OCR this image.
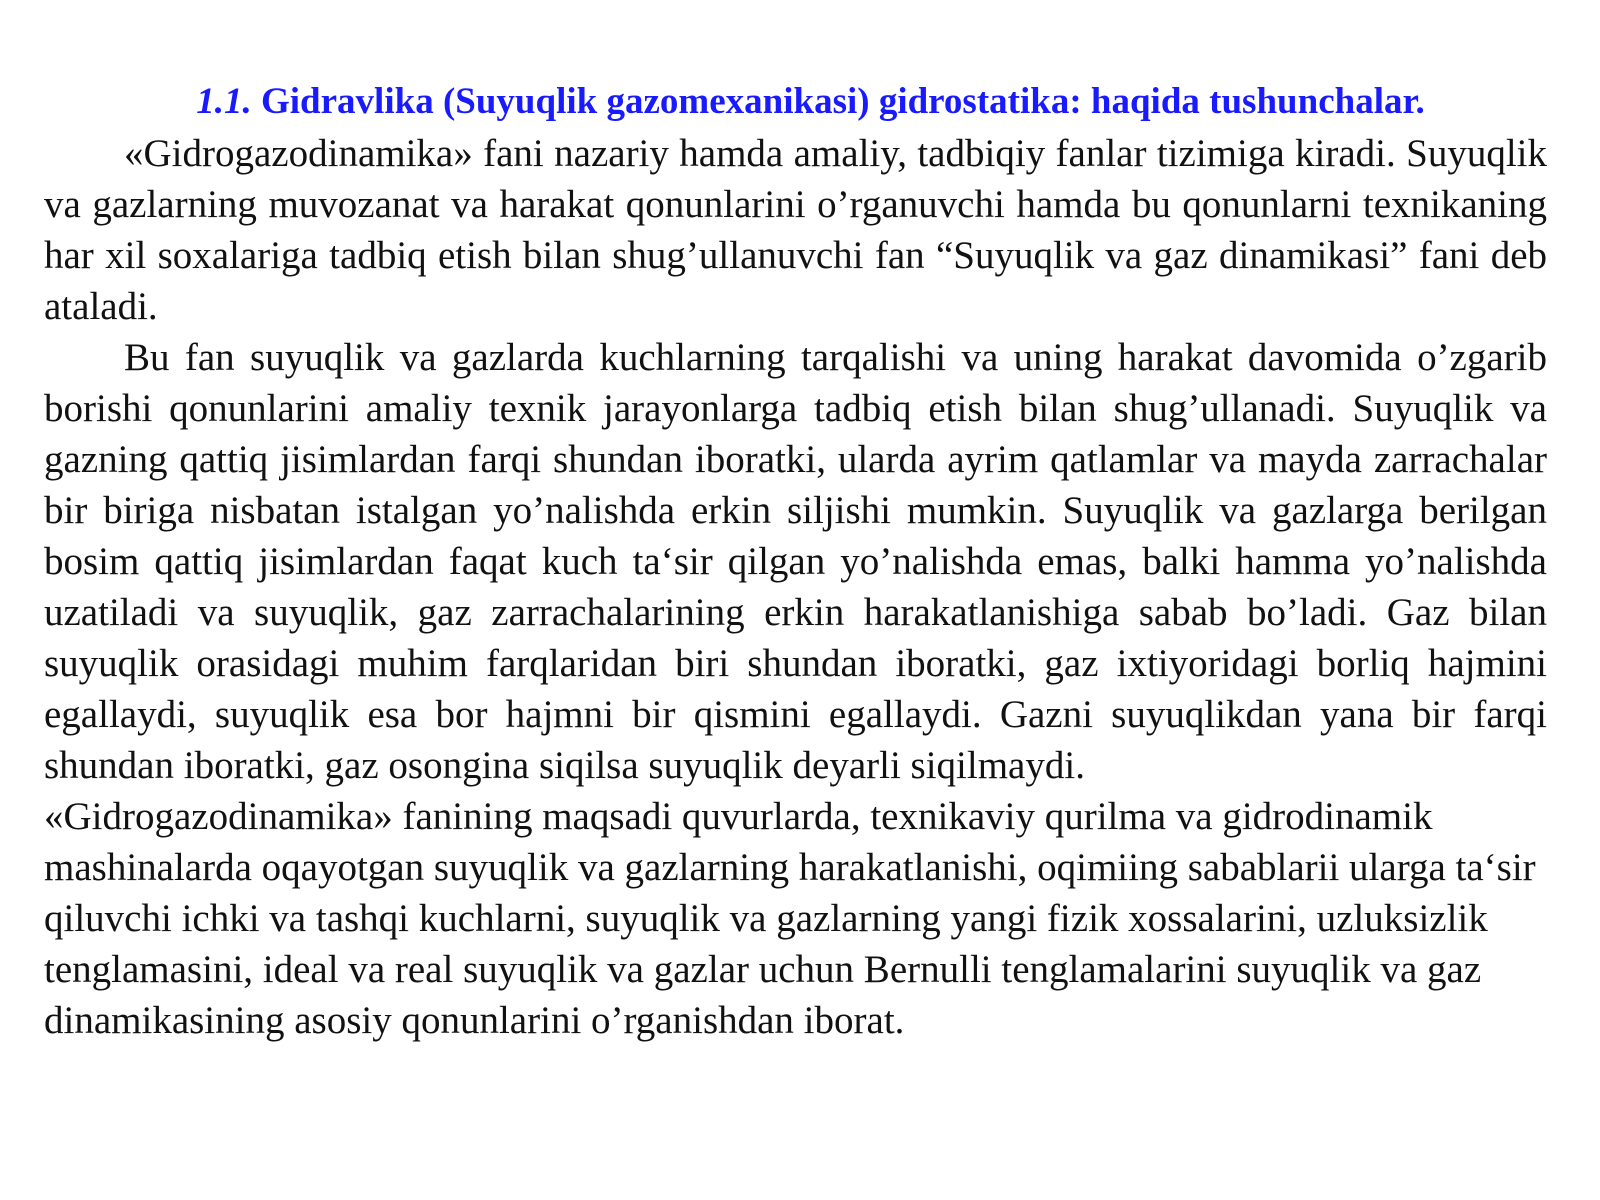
1.1. Gidravlika (Suyuqlik gazomexanikasi) gidrostatika: haqida tushunchalar.

«Gidrogazodinamika» fani nazariy hamda amaliy, tadbiqiy fanlar tizimiga kiradi. Suyuqlik va gazlarning muvozanat va harakat qonunlarini o’rganuvchi hamda bu qonunlarni texnikaning har xil soxalariga tadbiq etish bilan shug’ullanuvchi fan “Suyuqlik va gaz dinamikasi” fani deb ataladi.

Bu fan suyuqlik va gazlarda kuchlarning tarqalishi va uning harakat davomida o’zgarib borishi qonunlarini amaliy texnik jarayonlarga tadbiq etish bilan shug’ullanadi. Suyuqlik va gazning qattiq jisimlardan farqi shundan iboratki, ularda ayrim qatlamlar va mayda zarrachalar bir biriga nisbatan istalgan yo’nalishda erkin siljishi mumkin. Suyuqlik va gazlarga berilgan bosim qattiq jisimlardan faqat kuch ta‘sir qilgan yo’nalishda emas, balki hamma yo’nalishda uzatiladi va suyuqlik, gaz zarrachalarining erkin harakatlanishiga sabab bo’ladi. Gaz bilan suyuqlik orasidagi muhim farqlaridan biri shundan iboratki, gaz ixtiyoridagi borliq hajmini egallaydi, suyuqlik esa bor hajmni bir qismini egallaydi. Gazni suyuqlikdan yana bir farqi shundan iboratki, gaz osongina siqilsa suyuqlik deyarli siqilmaydi.

«Gidrogazodinamika» fanining maqsadi quvurlarda, texnikaviy qurilma va gidrodinamik mashinalarda oqayotgan suyuqlik va gazlarning harakatlanishi, oqimiing sabablarii ularga ta‘sir qiluvchi ichki va tashqi kuchlarni, suyuqlik va gazlarning yangi fizik xossalarini, uzluksizlik tenglamasini, ideal va real suyuqlik va gazlar uchun Bernulli tenglamalarini suyuqlik va gaz dinamikasining asosiy qonunlarini o’rganishdan iborat.
